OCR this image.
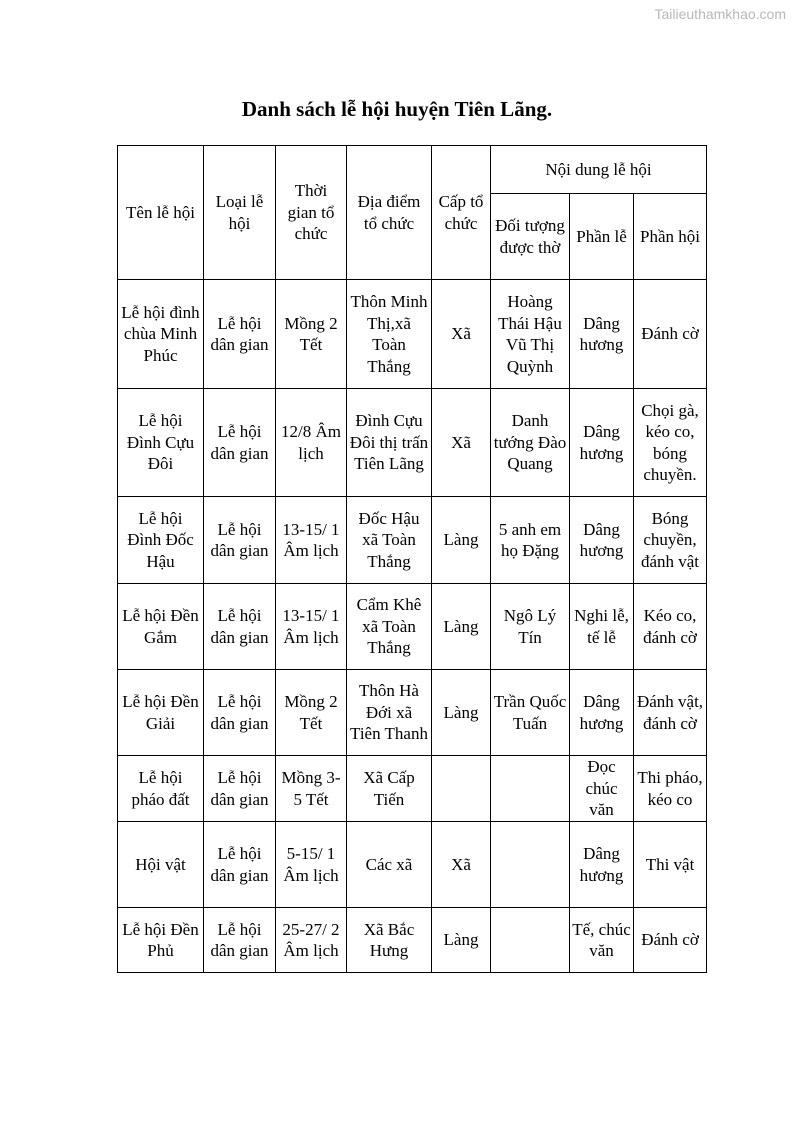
Tailieuthamkhao.com
Danh sách lễ hội huyện Tiên Lãng.
Tên lễ hội	Loại lễ hội	Thời gian tổ chức	Địa điểm tổ chức	Cấp tổ chức	Nội dung lễ hội		
					Đối tượng được thờ	Phần lễ	Phần hội
Lễ hội đình chùa Minh Phúc	Lễ hội dân gian	Mồng 2 Tết	Thôn Minh Thị,xã Toàn Thắng	Xã	Hoàng Thái Hậu Vũ Thị Quỳnh	Dâng hương	Đánh cờ
Lễ hội Đình Cựu Đôi	Lễ hội dân gian	12/8 Âm lịch	Đình Cựu Đôi thị trấn Tiên Lãng	Xã	Danh tướng Đào Quang	Dâng hương	Chọi gà, kéo co, bóng chuyền.
Lễ hội Đình Đốc Hậu	Lễ hội dân gian	13-15/ 1 Âm lịch	Đốc Hậu xã Toàn Thắng	Làng	5 anh em họ Đặng	Dâng hương	Bóng chuyền, đánh vật
Lễ hội Đền Gắm	Lễ hội dân gian	13-15/ 1 Âm lịch	Cẩm Khê xã Toàn Thắng	Làng	Ngô Lý Tín	Nghi lễ, tế lễ	Kéo co, đánh cờ
Lễ hội Đền Giải	Lễ hội dân gian	Mồng 2 Tết	Thôn Hà Đới xã Tiên Thanh	Làng	Trần Quốc Tuấn	Dâng hương	Đánh vật, đánh cờ
Lễ hội pháo đất	Lễ hội dân gian	Mồng 3-5 Tết	Xã Cấp Tiến			Đọc chúc văn	Thi pháo, kéo co
Hội vật	Lễ hội dân gian	5-15/ 1 Âm lịch	Các xã	Xã		Dâng hương	Thi vật
Lễ hội Đền Phủ	Lễ hội dân gian	25-27/ 2 Âm lịch	Xã Bắc Hưng	Làng		Tế, chúc văn	Đánh cờ
